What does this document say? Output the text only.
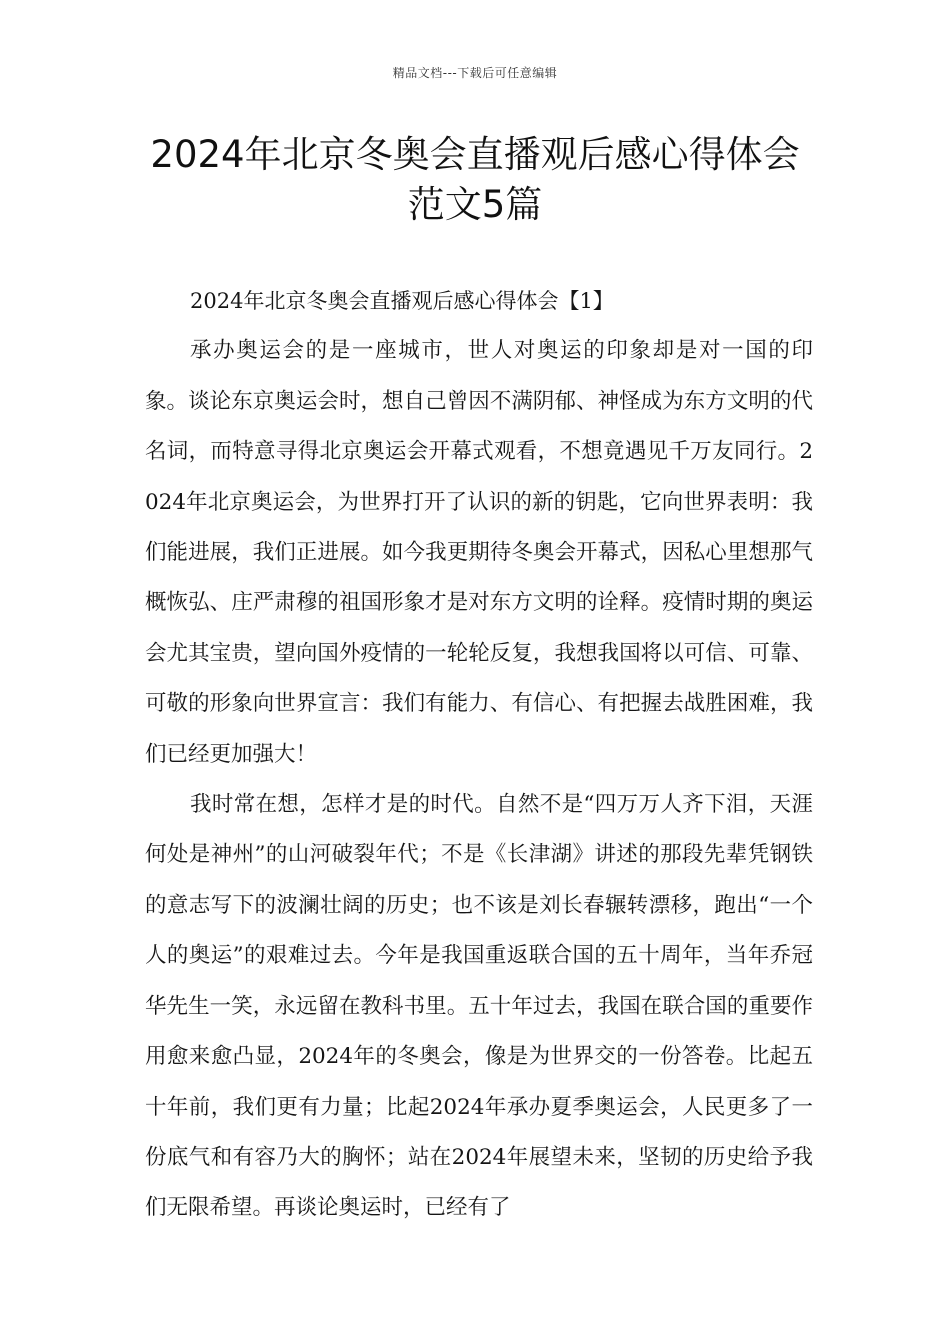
精品文档---下载后可任意编辑
2024年北京冬奥会直播观后感心得体会
范文5篇

2024年北京冬奥会直播观后感心得体会【1】

承办奥运会的是一座城市，世人对奥运的印象却是对一国的印象。谈论东京奥运会时，想自己曾因不满阴郁、神怪成为东方文明的代名词，而特意寻得北京奥运会开幕式观看，不想竟遇见千万友同行。2024年北京奥运会，为世界打开了认识的新的钥匙，它向世界表明：我们能进展，我们正进展。如今我更期待冬奥会开幕式，因私心里想那气概恢弘、庄严肃穆的祖国形象才是对东方文明的诠释。疫情时期的奥运会尤其宝贵，望向国外疫情的一轮轮反复，我想我国将以可信、可靠、可敬的形象向世界宣言：我们有能力、有信心、有把握去战胜困难，我们已经更加强大！

我时常在想，怎样才是的时代。自然不是“四万万人齐下泪，天涯何处是神州”的山河破裂年代；不是《长津湖》讲述的那段先辈凭钢铁的意志写下的波澜壮阔的历史；也不该是刘长春辗转漂移，跑出“一个人的奥运”的艰难过去。今年是我国重返联合国的五十周年，当年乔冠华先生一笑，永远留在教科书里。五十年过去，我国在联合国的重要作用愈来愈凸显，2024年的冬奥会，像是为世界交的一份答卷。比起五十年前，我们更有力量；比起2024年承办夏季奥运会，人民更多了一份底气和有容乃大的胸怀；站在2024年展望未来，坚韧的历史给予我们无限希望。再谈论奥运时，已经有了
